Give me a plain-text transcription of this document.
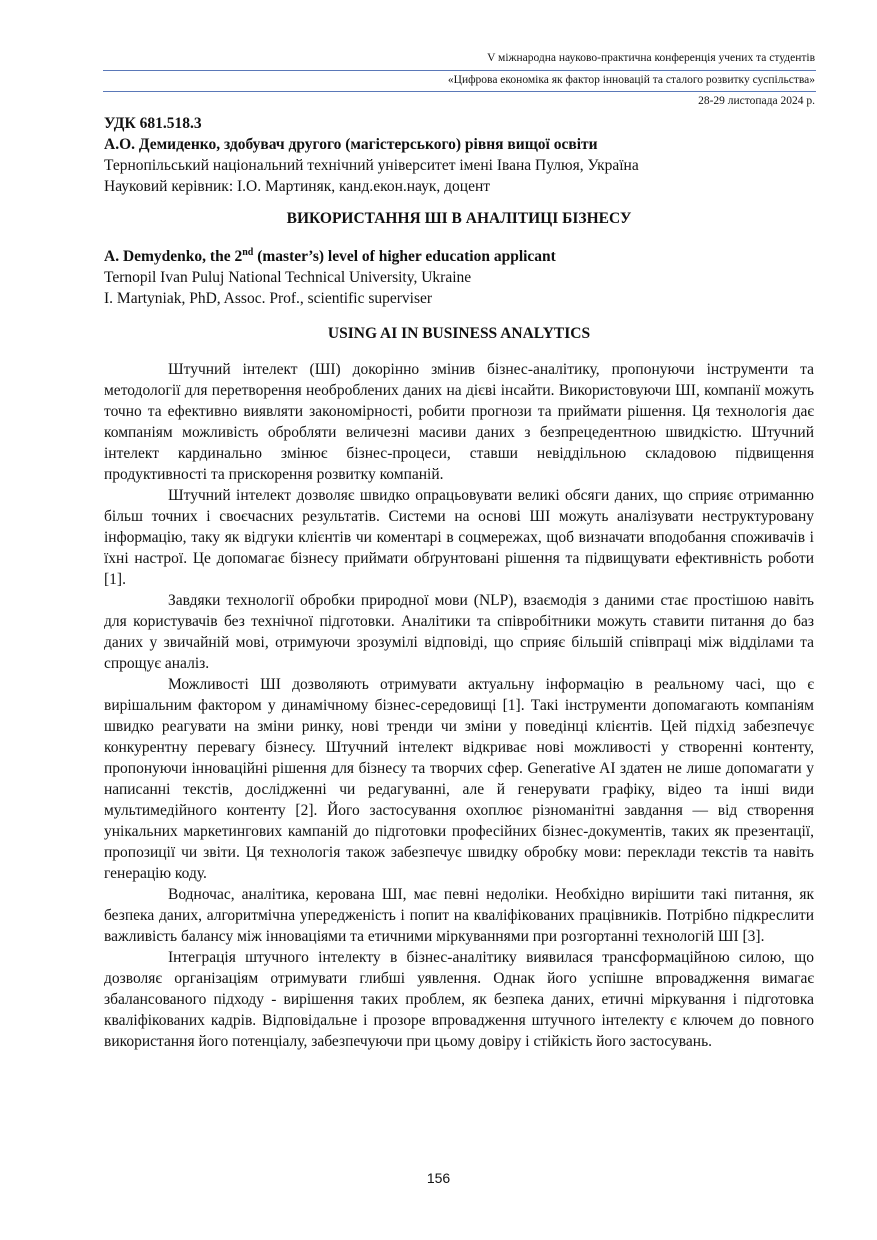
V міжнародна науково-практична конференція учених та студентів
«Цифрова економіка як фактор інновацій та сталого розвитку суспільства»
28-29 листопада 2024 р.
УДК 681.518.3
А.О. Демиденко, здобувач другого (магістерського) рівня вищої освіти
Тернопільський національний технічний університет імені Івана Пулюя, Україна
Науковий керівник: І.О. Мартиняк, канд.екон.наук, доцент
ВИКОРИСТАННЯ ШІ В АНАЛІТИЦІ БІЗНЕСУ
A. Demydenko, the 2nd (master’s) level of higher education applicant
Ternopil Ivan Puluj National Technical University, Ukraine
I. Martyniak, PhD, Assoc. Prof., scientific superviser
USING AI IN BUSINESS ANALYTICS

Штучний інтелект (ШІ) докорінно змінив бізнес-аналітику, пропонуючи інструменти та методології для перетворення необроблених даних на дієві інсайти. Використовуючи ШІ, компанії можуть точно та ефективно виявляти закономірності, робити прогнози та приймати рішення. Ця технологія дає компаніям можливість обробляти величезні масиви даних з безпрецедентною швидкістю. Штучний інтелект кардинально змінює бізнес-процеси, ставши невіддільною складовою підвищення продуктивності та прискорення розвитку компаній.

Штучний інтелект дозволяє швидко опрацьовувати великі обсяги даних, що сприяє отриманню більш точних і своєчасних результатів. Системи на основі ШІ можуть аналізувати неструктуровану інформацію, таку як відгуки клієнтів чи коментарі в соцмережах, щоб визначати вподобання споживачів і їхні настрої. Це допомагає бізнесу приймати обґрунтовані рішення та підвищувати ефективність роботи [1].

Завдяки технології обробки природної мови (NLP), взаємодія з даними стає простішою навіть для користувачів без технічної підготовки. Аналітики та співробітники можуть ставити питання до баз даних у звичайній мові, отримуючи зрозумілі відповіді, що сприяє більшій співпраці між відділами та спрощує аналіз.

Можливості ШІ дозволяють отримувати актуальну інформацію в реальному часі, що є вирішальним фактором у динамічному бізнес-середовищі [1]. Такі інструменти допомагають компаніям швидко реагувати на зміни ринку, нові тренди чи зміни у поведінці клієнтів. Цей підхід забезпечує конкурентну перевагу бізнесу. Штучний інтелект відкриває нові можливості у створенні контенту, пропонуючи інноваційні рішення для бізнесу та творчих сфер. Generative AI здатен не лише допомагати у написанні текстів, дослідженні чи редагуванні, але й генерувати графіку, відео та інші види мультимедійного контенту [2]. Його застосування охоплює різноманітні завдання — від створення унікальних маркетингових кампаній до підготовки професійних бізнес-документів, таких як презентації, пропозиції чи звіти. Ця технологія також забезпечує швидку обробку мови: переклади текстів та навіть генерацію коду.

Водночас, аналітика, керована ШІ, має певні недоліки. Необхідно вирішити такі питання, як безпека даних, алгоритмічна упередженість і попит на кваліфікованих працівників. Потрібно підкреслити важливість балансу між інноваціями та етичними міркуваннями при розгортанні технологій ШІ [3].

Інтеграція штучного інтелекту в бізнес-аналітику виявилася трансформаційною силою, що дозволяє організаціям отримувати глибші уявлення. Однак його успішне впровадження вимагає збалансованого підходу - вирішення таких проблем, як безпека даних, етичні міркування і підготовка кваліфікованих кадрів. Відповідальне і прозоре впровадження штучного інтелекту є ключем до повного використання його потенціалу, забезпечуючи при цьому довіру і стійкість його застосувань.

156
